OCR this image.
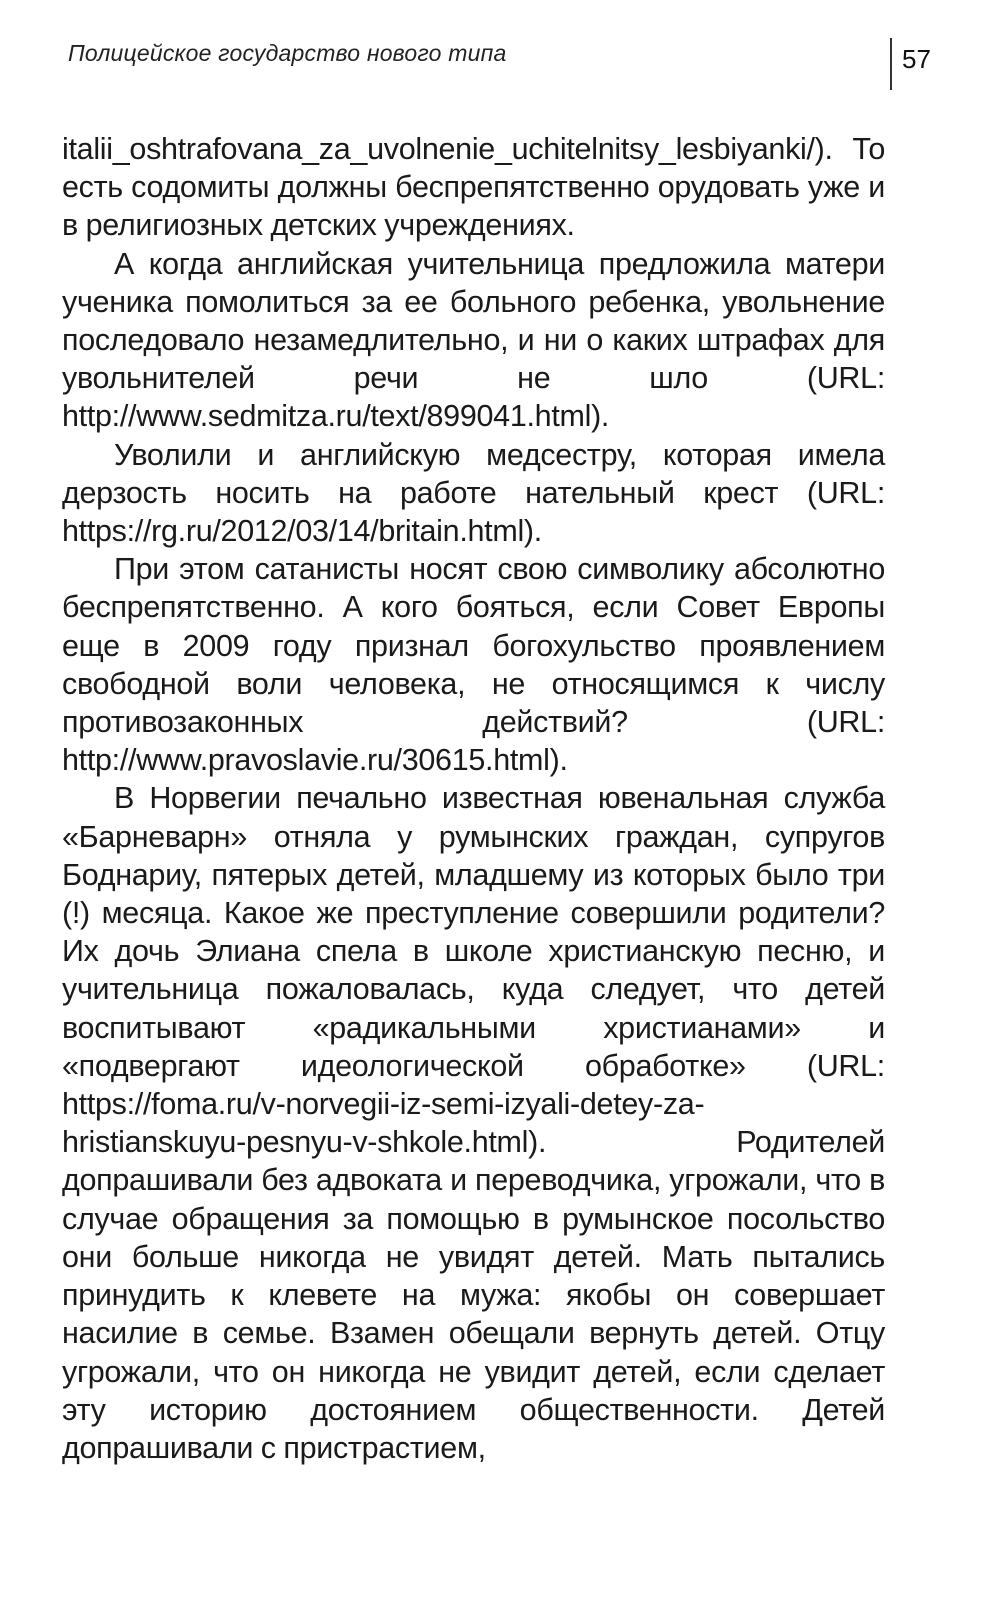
Полицейское государство нового типа	57

italii_oshtrafovana_za_uvolnenie_uchitelnitsy_lesbiyanki/). То есть содомиты должны беспрепятственно орудовать уже и в религиозных детских учреждениях.

А когда английская учительница предложила матери ученика помолиться за ее больного ребенка, увольнение последовало незамедлительно, и ни о каких штрафах для увольнителей речи не шло (URL: http://www.sedmitza.ru/text/899041.html).

Уволили и английскую медсестру, которая имела дерзость носить на работе нательный крест (URL: https://rg.ru/2012/03/14/britain.html).

При этом сатанисты носят свою символику абсолютно беспрепятственно. А кого бояться, если Совет Европы еще в 2009 году признал богохульство проявлением свободной воли человека, не относящимся к числу противозаконных действий? (URL: http://www.pravoslavie.ru/30615.html).

В Норвегии печально известная ювенальная служба «Барневарн» отняла у румынских граждан, супругов Боднариу, пятерых детей, младшему из которых было три (!) месяца. Какое же преступление совершили родители? Их дочь Элиана спела в школе христианскую песню, и учительница пожаловалась, куда следует, что детей воспитывают «радикальными христианами» и «подвергают идеологической обработке» (URL: https://foma.ru/v-norvegii-iz-semi-izyali-detey-za-hristianskuyu-pesnyu-v-shkole.html). Родителей допрашивали без адвоката и переводчика, угрожали, что в случае обращения за помощью в румынское посольство они больше никогда не увидят детей. Мать пытались принудить к клевете на мужа: якобы он совершает насилие в семье. Взамен обещали вернуть детей. Отцу угрожали, что он никогда не увидит детей, если сделает эту историю достоянием общественности. Детей допрашивали с пристрастием,
